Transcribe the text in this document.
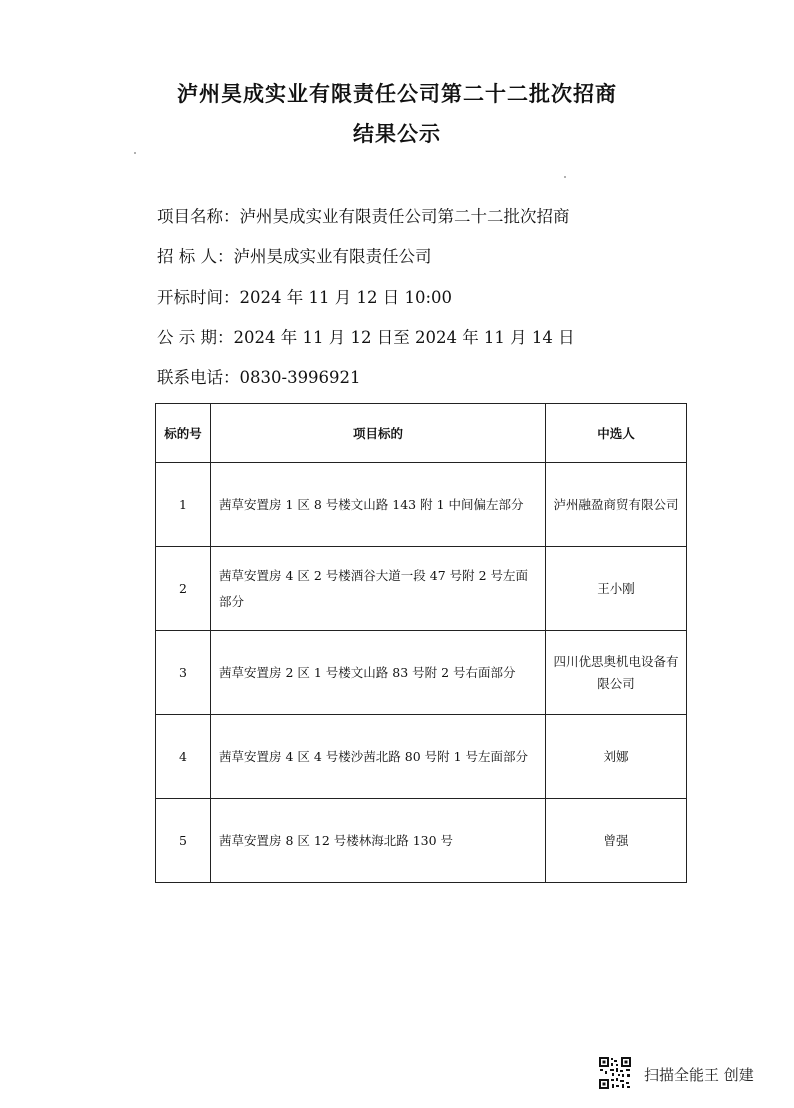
泸州昊成实业有限责任公司第二十二批次招商
结果公示
项目名称：泸州昊成实业有限责任公司第二十二批次招商
招 标 人：泸州昊成实业有限责任公司
开标时间：2024 年 11 月 12 日 10:00
公 示 期：2024 年 11 月 12 日至 2024 年 11 月 14 日
联系电话：0830-3996921
标的号	项目标的	中选人
1	茜草安置房 1 区 8 号楼文山路 143 附 1 中间偏左部分	泸州融盈商贸有限公司
2	茜草安置房 4 区 2 号楼酒谷大道一段 47 号附 2 号左面部分	王小刚
3	茜草安置房 2 区 1 号楼文山路 83 号附 2 号右面部分	四川优思奥机电设备有限公司
4	茜草安置房 4 区 4 号楼沙茜北路 80 号附 1 号左面部分	刘娜
5	茜草安置房 8 区 12 号楼林海北路 130 号	曾强
扫描全能王 创建
